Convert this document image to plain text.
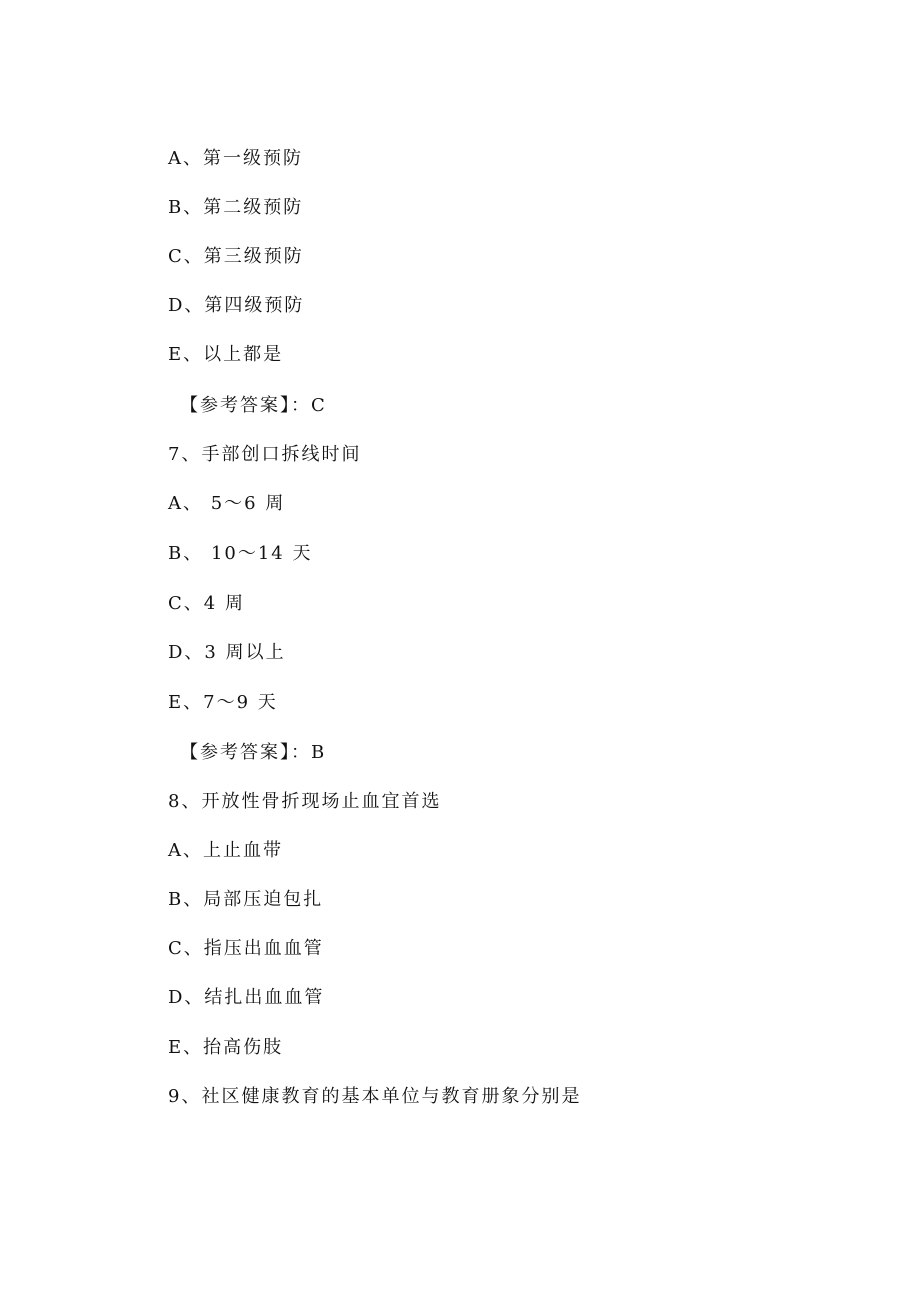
A、第一级预防
B、第二级预防
C、第三级预防
D、第四级预防
E、以上都是
【参考答案】：C
7、手部创口拆线时间
A、 5～6 周
B、 10～14 天
C、4 周
D、3 周以上
E、7～9 天
【参考答案】：B
8、开放性骨折现场止血宜首选
A、上止血带
B、局部压迫包扎
C、指压出血血管
D、结扎出血血管
E、抬高伤肢
9、社区健康教育的基本单位与教育册象分别是
